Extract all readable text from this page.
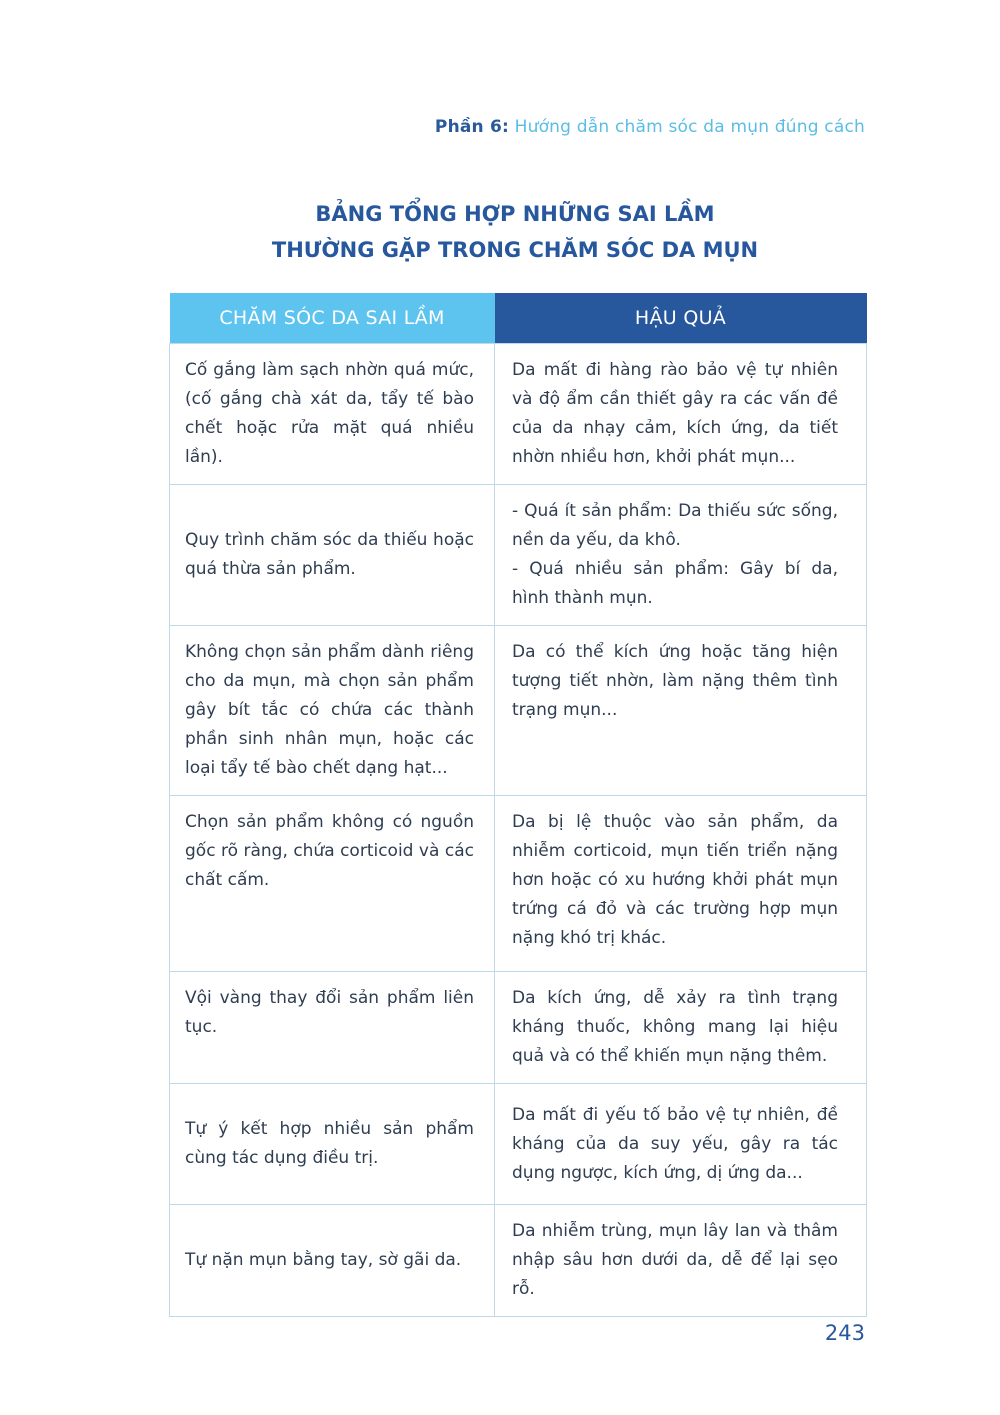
Phần 6: Hướng dẫn chăm sóc da mụn đúng cách
BẢNG TỔNG HỢP NHỮNG SAI LẦM
THƯỜNG GẶP TRONG CHĂM SÓC DA MỤN
CHĂM SÓC DA SAI LẦM	HẬU QUẢ
Cố gắng làm sạch nhờn quá mức, (cố gắng chà xát da, tẩy tế bào chết hoặc rửa mặt quá nhiều lần).	Da mất đi hàng rào bảo vệ tự nhiên và độ ẩm cần thiết gây ra các vấn đề của da nhạy cảm, kích ứng, da tiết nhờn nhiều hơn, khởi phát mụn...
Quy trình chăm sóc da thiếu hoặc quá thừa sản phẩm.	- Quá ít sản phẩm: Da thiếu sức sống, nền da yếu, da khô.
- Quá nhiều sản phẩm: Gây bí da, hình thành mụn.

Không chọn sản phẩm dành riêng cho da mụn, mà chọn sản phẩm gây bít tắc có chứa các thành phần sinh nhân mụn, hoặc các loại tẩy tế bào chết dạng hạt...	Da có thể kích ứng hoặc tăng hiện tượng tiết nhờn, làm nặng thêm tình trạng mụn...
Chọn sản phẩm không có nguồn gốc rõ ràng, chứa corticoid và các chất cấm.	Da bị lệ thuộc vào sản phẩm, da nhiễm corticoid, mụn tiến triển nặng hơn hoặc có xu hướng khởi phát mụn trứng cá đỏ và các trường hợp mụn nặng khó trị khác.
Vội vàng thay đổi sản phẩm liên tục.	Da kích ứng, dễ xảy ra tình trạng kháng thuốc, không mang lại hiệu quả và có thể khiến mụn nặng thêm.
Tự ý kết hợp nhiều sản phẩm cùng tác dụng điều trị.	Da mất đi yếu tố bảo vệ tự nhiên, đề kháng của da suy yếu, gây ra tác dụng ngược, kích ứng, dị ứng da...
Tự nặn mụn bằng tay, sờ gãi da.	Da nhiễm trùng, mụn lây lan và thâm nhập sâu hơn dưới da, dễ để lại sẹo rỗ.
243
